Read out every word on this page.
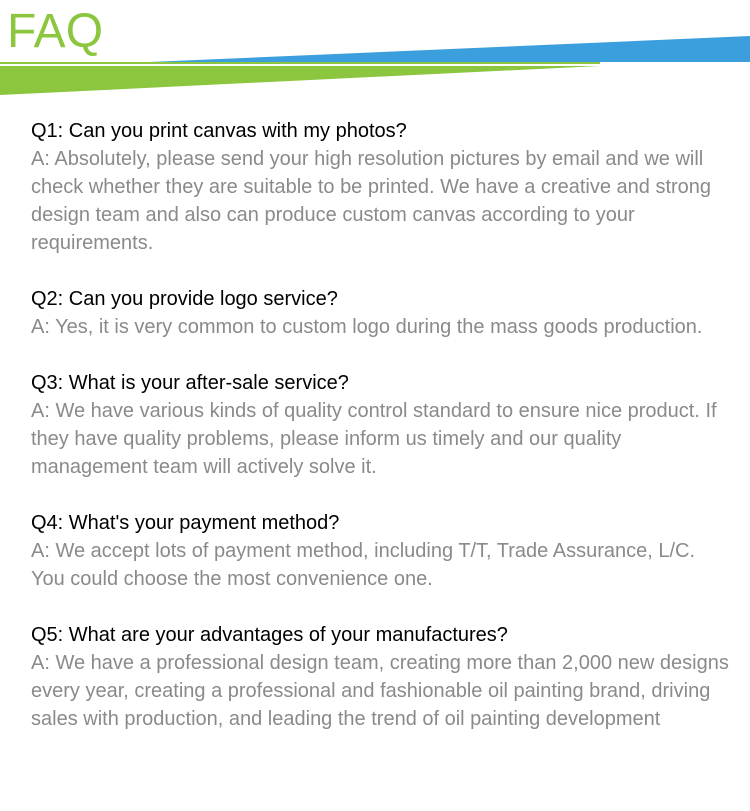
FAQ

Q1: Can you print canvas with my photos?

A: Absolutely, please send your high resolution pictures by email and we will check whether they are suitable to be printed. We have a creative and strong design team and also can produce custom canvas according to your requirements.

Q2: Can you provide logo service?

A: Yes, it is very common to custom logo during the mass goods production.

Q3: What is your after-sale service?

A: We have various kinds of quality control standard to ensure nice product. If they have quality problems, please inform us timely and our quality management team will actively solve it.

Q4: What's your payment method?

A: We accept lots of payment method, including T/T, Trade Assurance, L/C. You could choose the most convenience one.

Q5: What are your advantages of your manufactures?

A: We have a professional design team, creating more than 2,000 new designs every year, creating a professional and fashionable oil painting brand, driving sales with production, and leading the trend of oil painting development
